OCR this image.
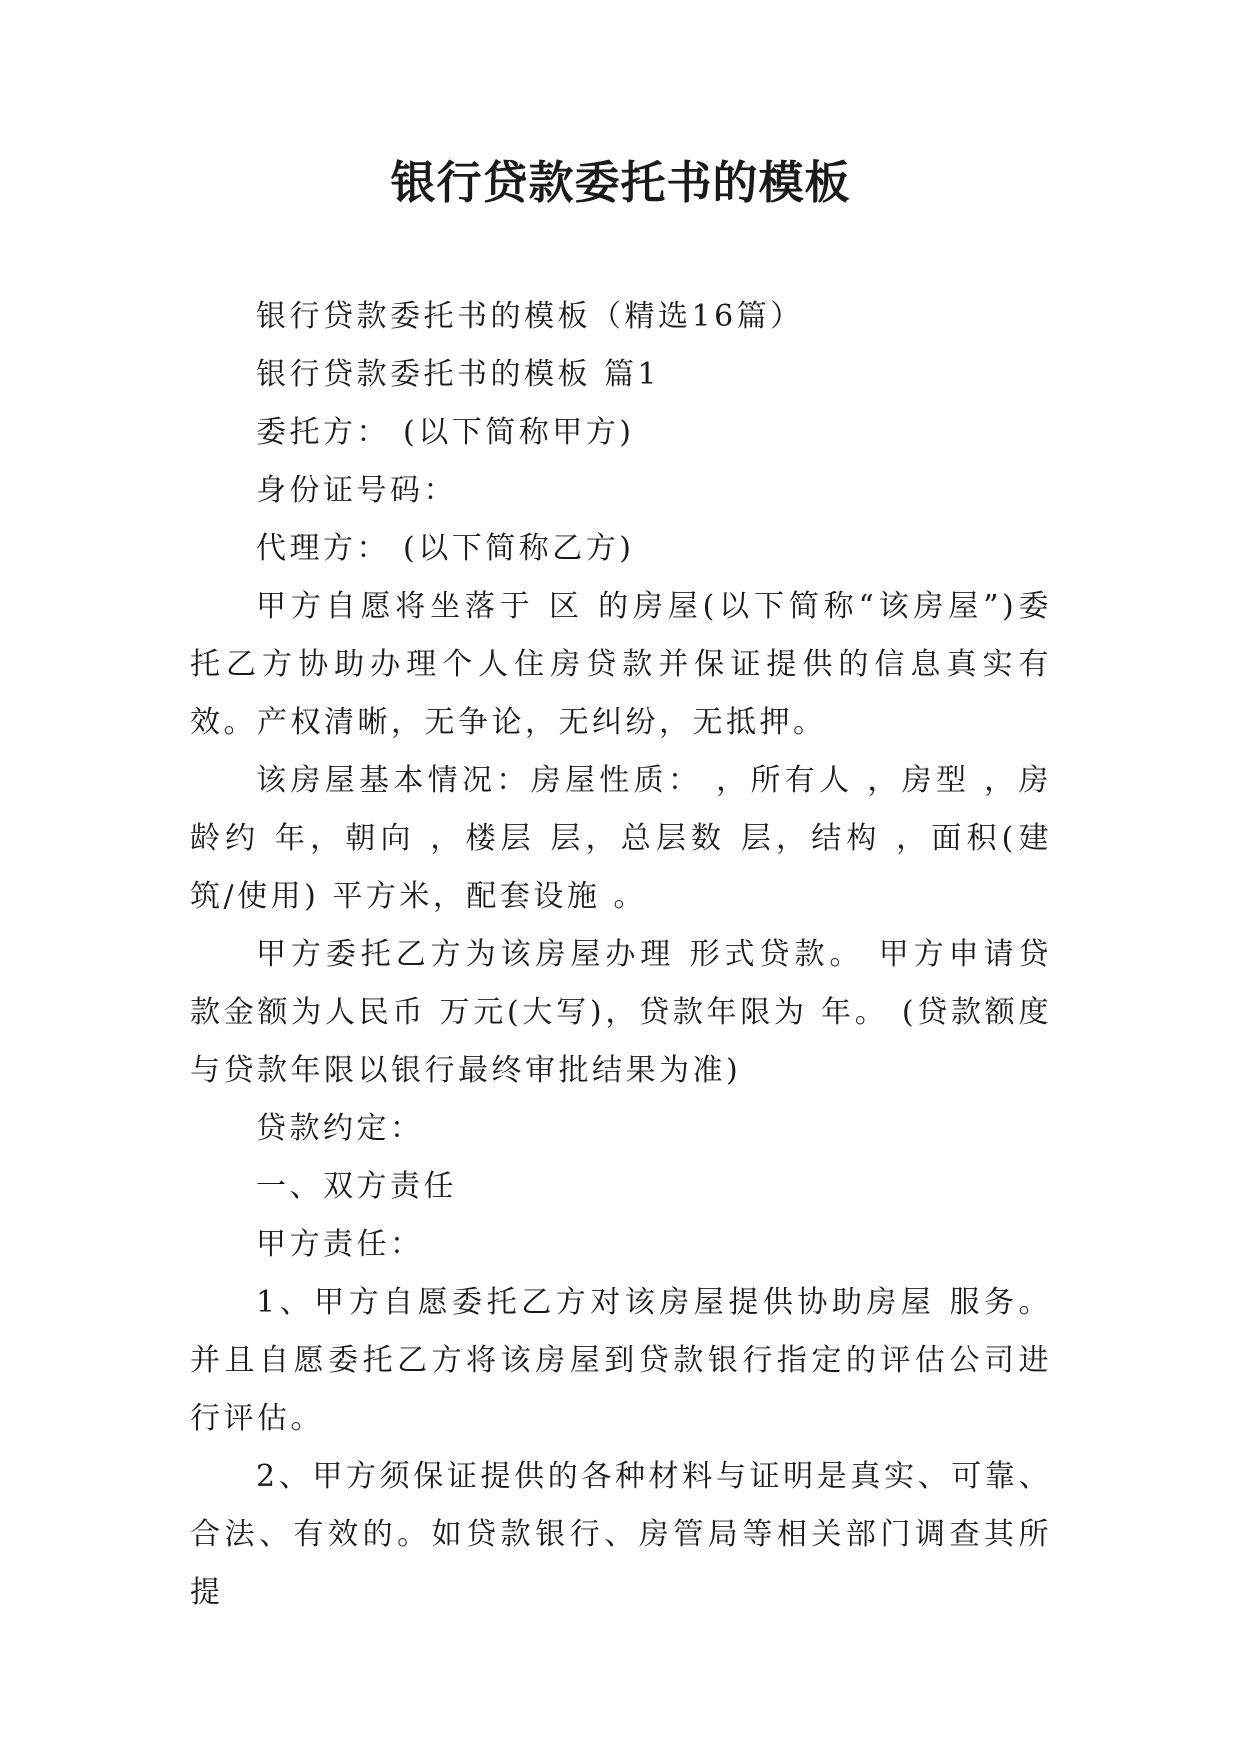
银行贷款委托书的模板

银行贷款委托书的模板（精选16篇）

银行贷款委托书的模板 篇1

委托方： (以下简称甲方)

身份证号码：

代理方： (以下简称乙方)

甲方自愿将坐落于 区 的房屋(以下简称“该房屋”)委托乙方协助办理个人住房贷款并保证提供的信息真实有效。产权清晰，无争论，无纠纷，无抵押。

该房屋基本情况：房屋性质： ，所有人 ，房型 ，房龄约 年，朝向 ，楼层 层，总层数 层，结构 ，面积(建筑/使用) 平方米，配套设施 。

甲方委托乙方为该房屋办理 形式贷款。 甲方申请贷款金额为人民币 万元(大写)，贷款年限为 年。 (贷款额度与贷款年限以银行最终审批结果为准)

贷款约定：

一、双方责任

甲方责任：

1、甲方自愿委托乙方对该房屋提供协助房屋 服务。并且自愿委托乙方将该房屋到贷款银行指定的评估公司进行评估。

2、甲方须保证提供的各种材料与证明是真实、可靠、合法、有效的。如贷款银行、房管局等相关部门调查其所提
